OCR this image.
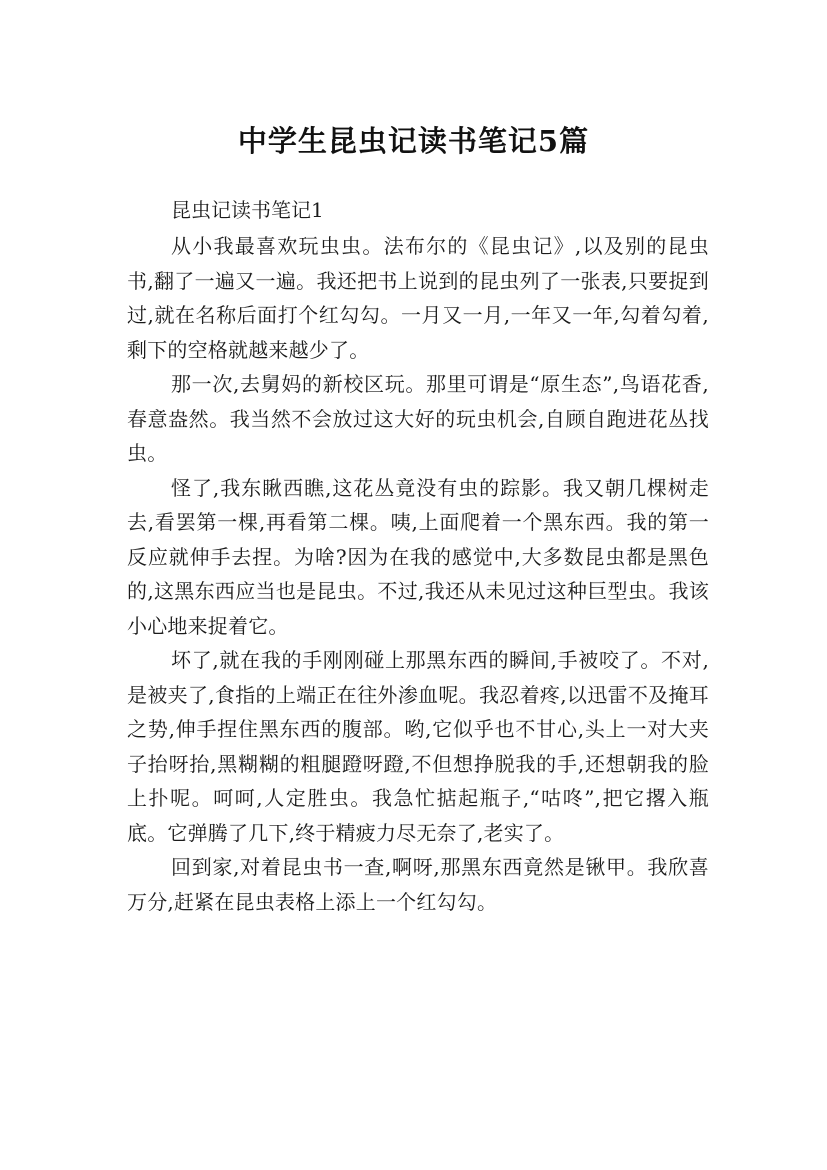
中学生昆虫记读书笔记5篇
昆虫记读书笔记1

从小我最喜欢玩虫虫。法布尔的《昆虫记》,以及别的昆虫书,翻了一遍又一遍。我还把书上说到的昆虫列了一张表,只要捉到过,就在名称后面打个红勾勾。一月又一月,一年又一年,勾着勾着,剩下的空格就越来越少了。

那一次,去舅妈的新校区玩。那里可谓是“原生态”,鸟语花香,春意盎然。我当然不会放过这大好的玩虫机会,自顾自跑进花丛找虫。

怪了,我东瞅西瞧,这花丛竟没有虫的踪影。我又朝几棵树走去,看罢第一棵,再看第二棵。咦,上面爬着一个黑东西。我的第一反应就伸手去捏。为啥?因为在我的感觉中,大多数昆虫都是黑色的,这黑东西应当也是昆虫。不过,我还从未见过这种巨型虫。我该小心地来捉着它。

坏了,就在我的手刚刚碰上那黑东西的瞬间,手被咬了。不对,是被夹了,食指的上端正在往外渗血呢。我忍着疼,以迅雷不及掩耳之势,伸手捏住黑东西的腹部。哟,它似乎也不甘心,头上一对大夹子抬呀抬,黑糊糊的粗腿蹬呀蹬,不但想挣脱我的手,还想朝我的脸上扑呢。呵呵,人定胜虫。我急忙掂起瓶子,“咕咚”,把它撂入瓶底。它弹腾了几下,终于精疲力尽无奈了,老实了。

回到家,对着昆虫书一查,啊呀,那黑东西竟然是锹甲。我欣喜万分,赶紧在昆虫表格上添上一个红勾勾。
